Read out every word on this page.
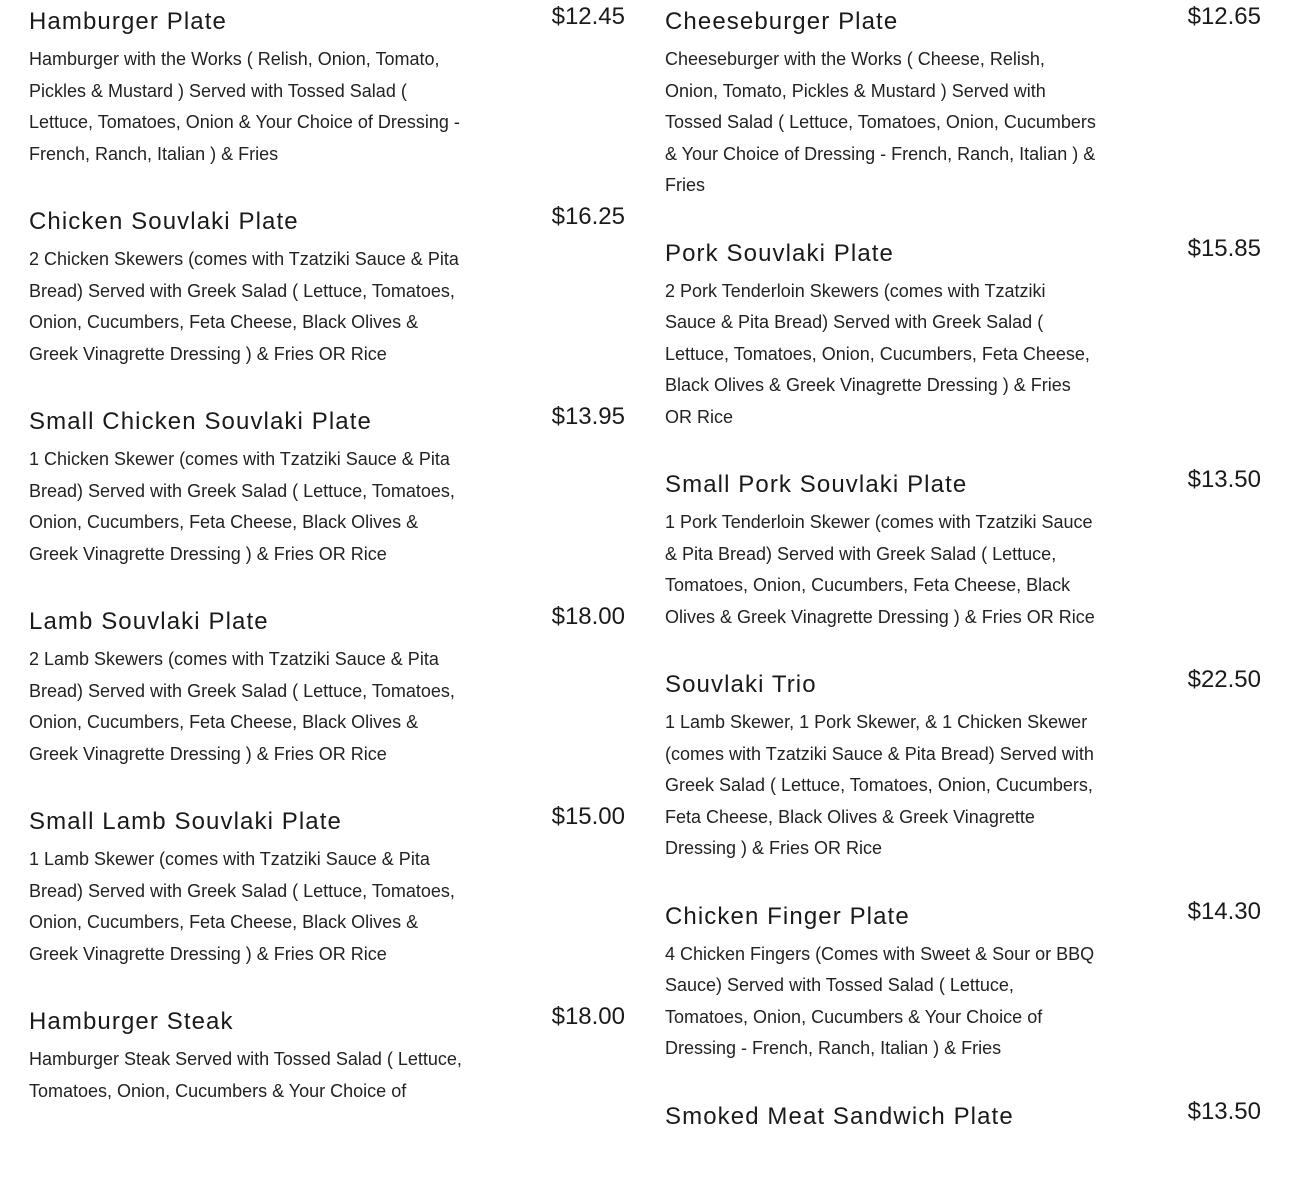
Hamburger Plate	$12.45

Hamburger with the Works ( Relish, Onion, Tomato, Pickles & Mustard ) Served with Tossed Salad ( Lettuce, Tomatoes, Onion & Your Choice of Dressing - French, Ranch, Italian ) & Fries

Chicken Souvlaki Plate	$16.25

2 Chicken Skewers (comes with Tzatziki Sauce & Pita Bread) Served with Greek Salad ( Lettuce, Tomatoes, Onion, Cucumbers, Feta Cheese, Black Olives & Greek Vinagrette Dressing ) & Fries OR Rice

Small Chicken Souvlaki Plate	$13.95

1 Chicken Skewer (comes with Tzatziki Sauce & Pita Bread) Served with Greek Salad ( Lettuce, Tomatoes, Onion, Cucumbers, Feta Cheese, Black Olives & Greek Vinagrette Dressing ) & Fries OR Rice

Lamb Souvlaki Plate	$18.00

2 Lamb Skewers (comes with Tzatziki Sauce & Pita Bread) Served with Greek Salad ( Lettuce, Tomatoes, Onion, Cucumbers, Feta Cheese, Black Olives & Greek Vinagrette Dressing ) & Fries OR Rice

Small Lamb Souvlaki Plate	$15.00

1 Lamb Skewer (comes with Tzatziki Sauce & Pita Bread) Served with Greek Salad ( Lettuce, Tomatoes, Onion, Cucumbers, Feta Cheese, Black Olives & Greek Vinagrette Dressing ) & Fries OR Rice

Hamburger Steak	$18.00

Hamburger Steak Served with Tossed Salad ( Lettuce, Tomatoes, Onion, Cucumbers & Your Choice of

Cheeseburger Plate	$12.65

Cheeseburger with the Works ( Cheese, Relish, Onion, Tomato, Pickles & Mustard ) Served with Tossed Salad ( Lettuce, Tomatoes, Onion, Cucumbers & Your Choice of Dressing - French, Ranch, Italian ) & Fries

Pork Souvlaki Plate	$15.85

2 Pork Tenderloin Skewers (comes with Tzatziki Sauce & Pita Bread) Served with Greek Salad ( Lettuce, Tomatoes, Onion, Cucumbers, Feta Cheese, Black Olives & Greek Vinagrette Dressing ) & Fries OR Rice

Small Pork Souvlaki Plate	$13.50

1 Pork Tenderloin Skewer (comes with Tzatziki Sauce & Pita Bread) Served with Greek Salad ( Lettuce, Tomatoes, Onion, Cucumbers, Feta Cheese, Black Olives & Greek Vinagrette Dressing ) & Fries OR Rice

Souvlaki Trio	$22.50

1 Lamb Skewer, 1 Pork Skewer, & 1 Chicken Skewer (comes with Tzatziki Sauce & Pita Bread) Served with Greek Salad ( Lettuce, Tomatoes, Onion, Cucumbers, Feta Cheese, Black Olives & Greek Vinagrette Dressing ) & Fries OR Rice

Chicken Finger Plate	$14.30

4 Chicken Fingers (Comes with Sweet & Sour or BBQ Sauce) Served with Tossed Salad ( Lettuce, Tomatoes, Onion, Cucumbers & Your Choice of Dressing - French, Ranch, Italian ) & Fries

Smoked Meat Sandwich Plate	$13.50
